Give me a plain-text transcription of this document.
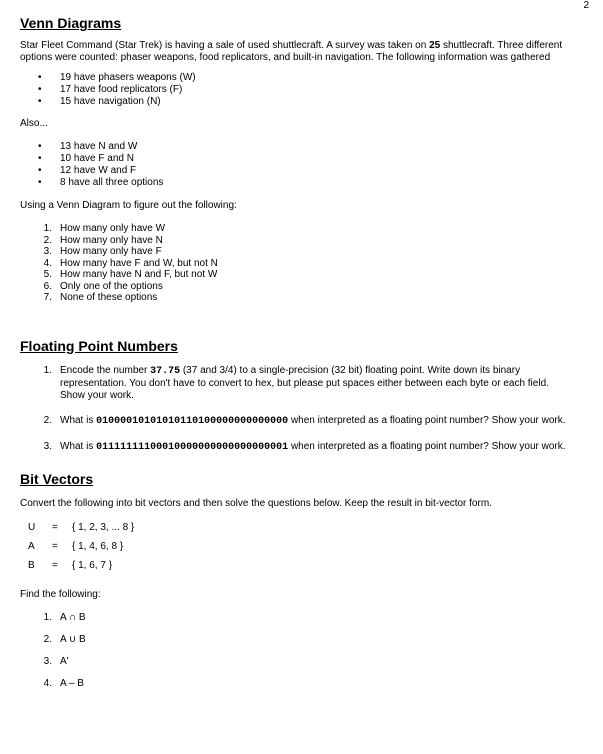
2
Venn Diagrams

Star Fleet Command (Star Trek) is having a sale of used shuttlecraft. A survey was taken on 25 shuttlecraft. Three different options were counted: phaser weapons, food replicators, and built-in navigation. The following information was gathered

• 19 have phasers weapons (W)
• 17 have food replicators (F)
• 15 have navigation (N)

Also...

• 13 have N and W
• 10 have F and N
• 12 have W and F
• 8 have all three options

Using a Venn Diagram to figure out the following:

1. How many only have W
2. How many only have N
3. How many only have F
4. How many have F and W, but not N
5. How many have N and F, but not W
6. Only one of the options
7. None of these options
Floating Point Numbers
1. Encode the number 37.75 (37 and 3/4) to a single-precision (32 bit) floating point. Write down its binary representation. You don't have to convert to hex, but please put spaces either between each byte or each field. Show your work.
2. What is 01000010101010110100000000000000 when interpreted as a floating point number? Show your work.
3. What is 01111111100010000000000000000001 when interpreted as a floating point number? Show your work.
Bit Vectors

Convert the following into bit vectors and then solve the questions below. Keep the result in bit-vector form.

U = { 1, 2, 3, ... 8 }
A = { 1, 4, 6, 8 }
B = { 1, 6, 7 }

Find the following:

1. A ∩ B
2. A ∪ B
3. A'
4. A – B
